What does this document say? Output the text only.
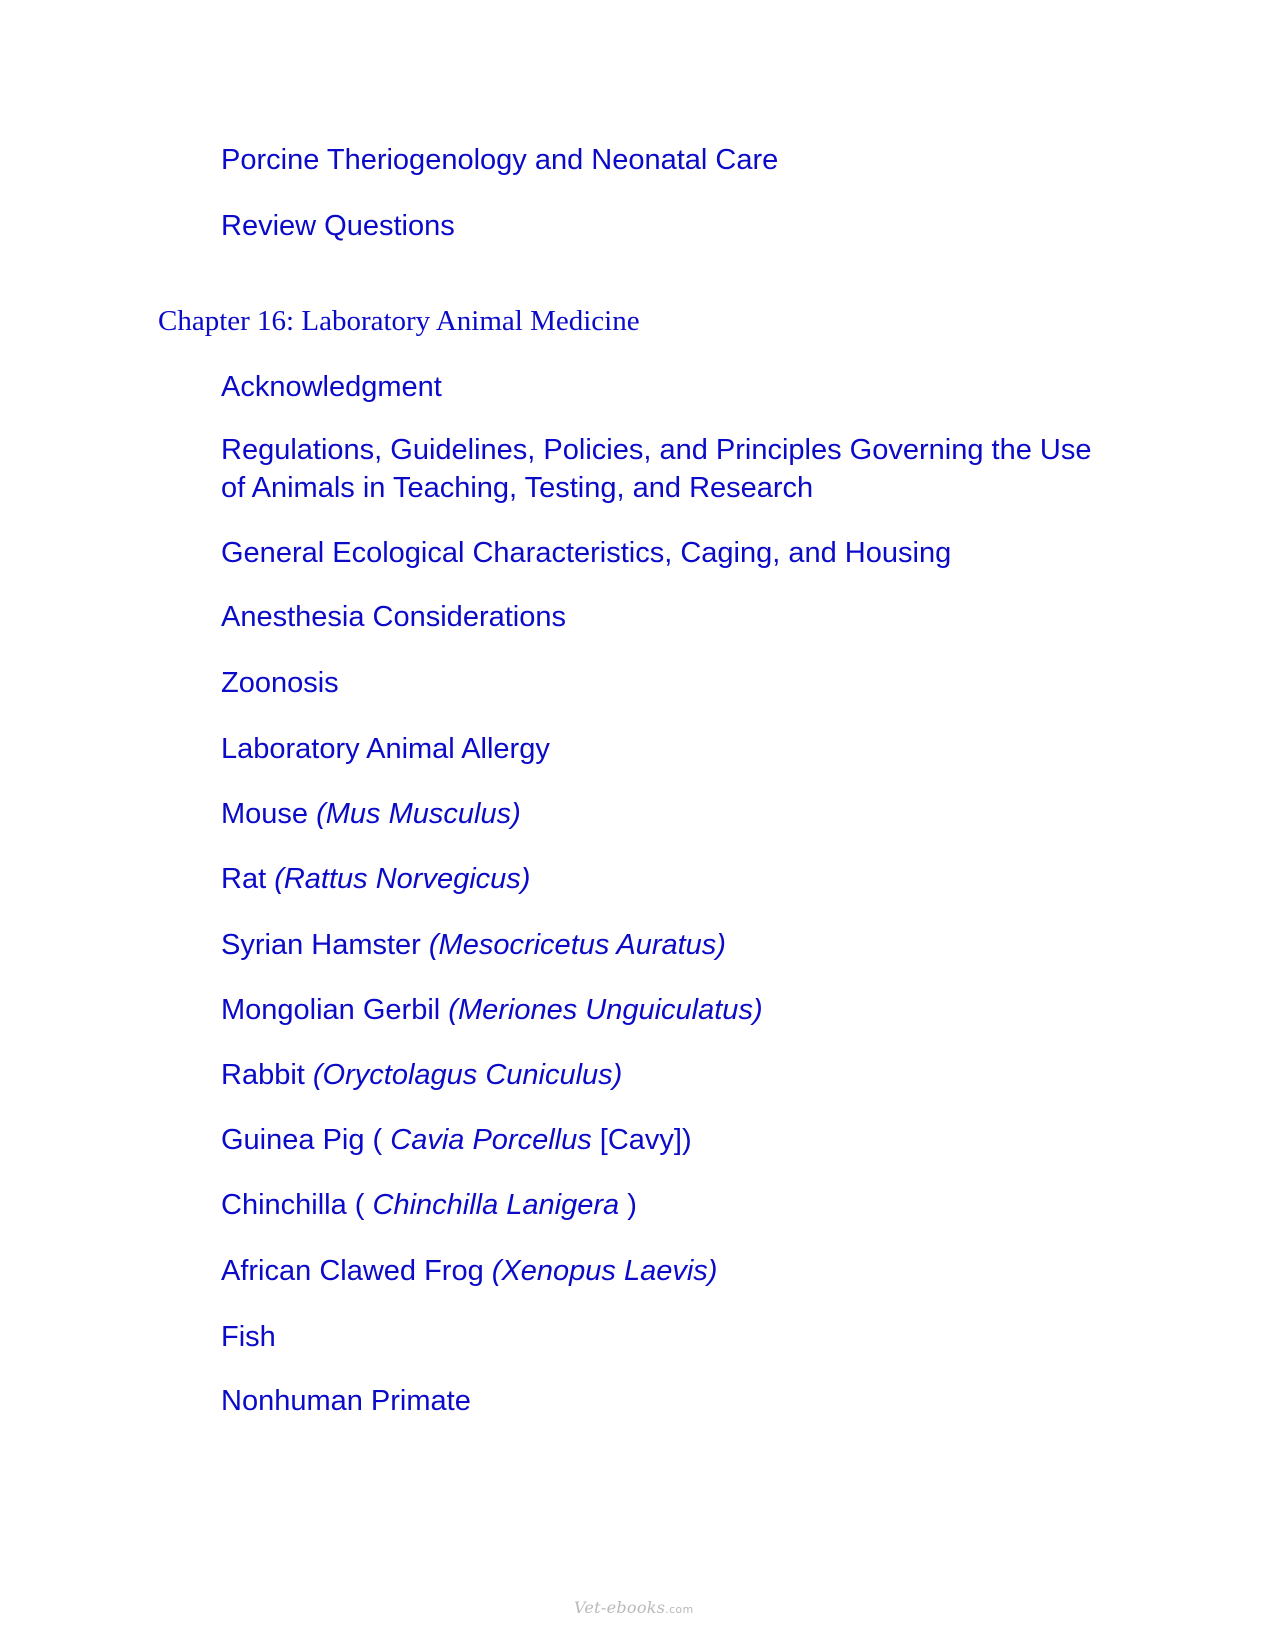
Porcine Theriogenology and Neonatal Care
Review Questions
Chapter 16: Laboratory Animal Medicine
Acknowledgment
Regulations, Guidelines, Policies, and Principles Governing the Use of Animals in Teaching, Testing, and Research
General Ecological Characteristics, Caging, and Housing
Anesthesia Considerations
Zoonosis
Laboratory Animal Allergy
Mouse (Mus Musculus)
Rat (Rattus Norvegicus)
Syrian Hamster (Mesocricetus Auratus)
Mongolian Gerbil (Meriones Unguiculatus)
Rabbit (Oryctolagus Cuniculus)
Guinea Pig ( Cavia Porcellus [Cavy])
Chinchilla ( Chinchilla Lanigera )
African Clawed Frog (Xenopus Laevis)
Fish
Nonhuman Primate
Vet-ebooks.com
